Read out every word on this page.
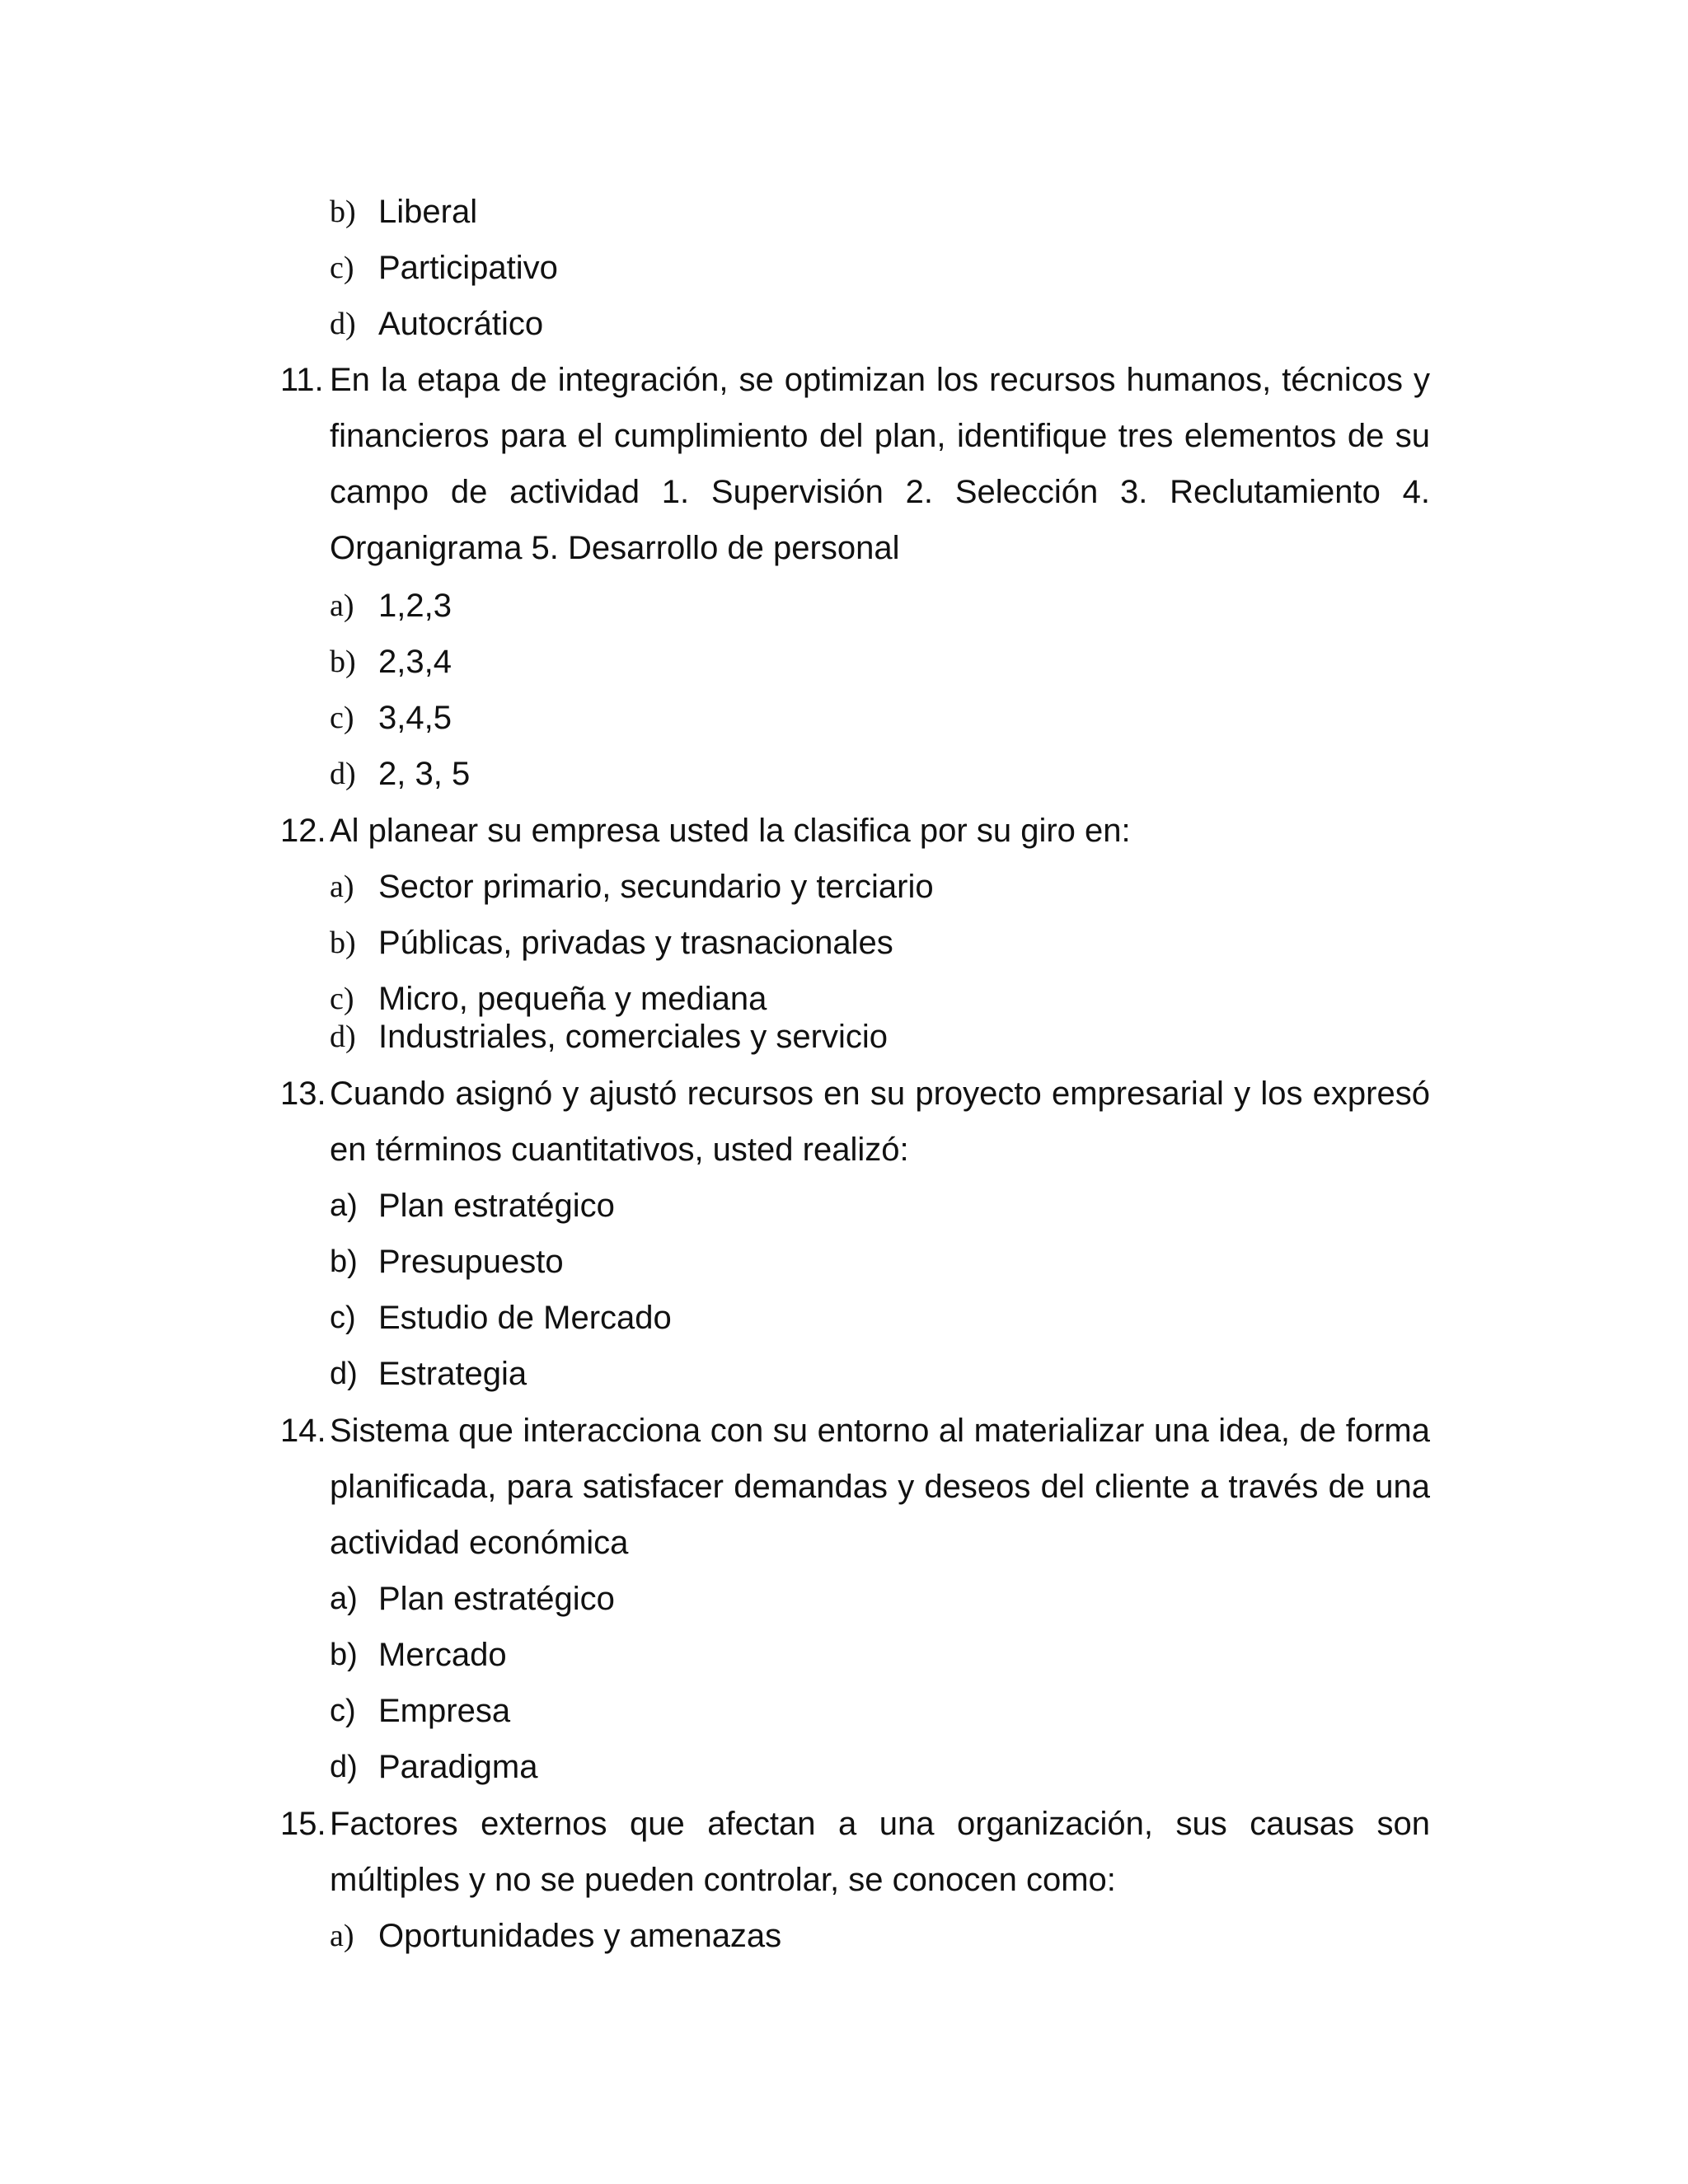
b) Liberal
c) Participativo
d) Autocrático
11. En la etapa de integración, se optimizan los recursos humanos, técnicos y
financieros para el cumplimiento del plan, identifique tres elementos de su
campo de actividad 1. Supervisión 2. Selección 3. Reclutamiento 4.
Organigrama 5. Desarrollo de personal
a) 1,2,3
b) 2,3,4
c) 3,4,5
d) 2, 3, 5
12. Al planear su empresa usted la clasifica por su giro en:
a) Sector primario, secundario y terciario
b) Públicas, privadas y trasnacionales
c) Micro, pequeña y mediana
d) Industriales, comerciales y servicio
13. Cuando asignó y ajustó recursos en su proyecto empresarial y los expresó
en términos cuantitativos, usted realizó:
a) Plan estratégico
b) Presupuesto
c) Estudio de Mercado
d) Estrategia
14. Sistema que interacciona con su entorno al materializar una idea, de forma
planificada, para satisfacer demandas y deseos del cliente a través de una
actividad económica
a) Plan estratégico
b) Mercado
c) Empresa
d) Paradigma
15. Factores externos que afectan a una organización, sus causas son
múltiples y no se pueden controlar, se conocen como:
a) Oportunidades y amenazas
